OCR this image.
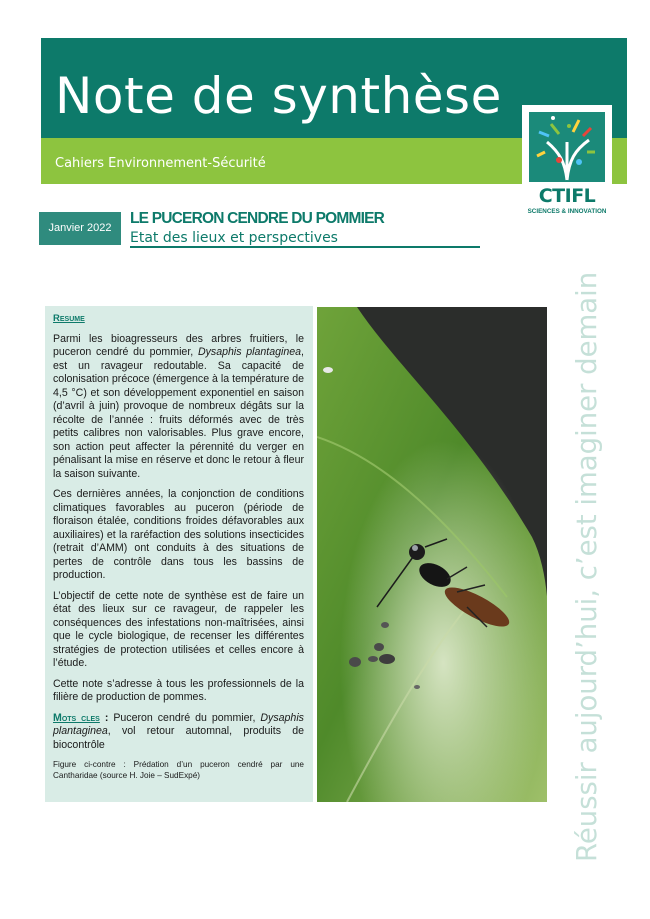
Note de synthèse
Cahiers Environnement-Sécurité
CTIFL
SCIENCES & INNOVATION
Janvier 2022
LE PUCERON CENDRE DU POMMIER
Etat des lieux et perspectives
Resume

Parmi les bioagresseurs des arbres fruitiers, le puceron cendré du pommier, Dysaphis plantaginea, est un ravageur redoutable. Sa capacité de colonisation précoce (émergence à la température de 4,5 °C) et son développement exponentiel en saison (d’avril à juin) provoque de nombreux dégâts sur la récolte de l’année : fruits déformés avec de très petits calibres non valorisables. Plus grave encore, son action peut affecter la pérennité du verger en pénalisant la mise en réserve et donc le retour à fleur la saison suivante.

Ces dernières années, la conjonction de conditions climatiques favorables au puceron (période de floraison étalée, conditions froides défavorables aux auxiliaires) et la raréfaction des solutions insecticides (retrait d’AMM) ont conduits à des situations de pertes de contrôle dans tous les bassins de production.

L’objectif de cette note de synthèse est de faire un état des lieux sur ce ravageur, de rappeler les conséquences des infestations non-maîtrisées, ainsi que le cycle biologique, de recenser les différentes stratégies de protection utilisées et celles encore à l’étude.

Cette note s’adresse à tous les professionnels de la filière de production de pommes.

Mots cles : Puceron cendré du pommier, Dysaphis plantaginea, vol retour automnal, produits de biocontrôle

Figure ci-contre : Prédation d’un puceron cendré par une Cantharidae (source H. Joie – SudExpé)	Réussir aujourd’hui, c’est imaginer demain
